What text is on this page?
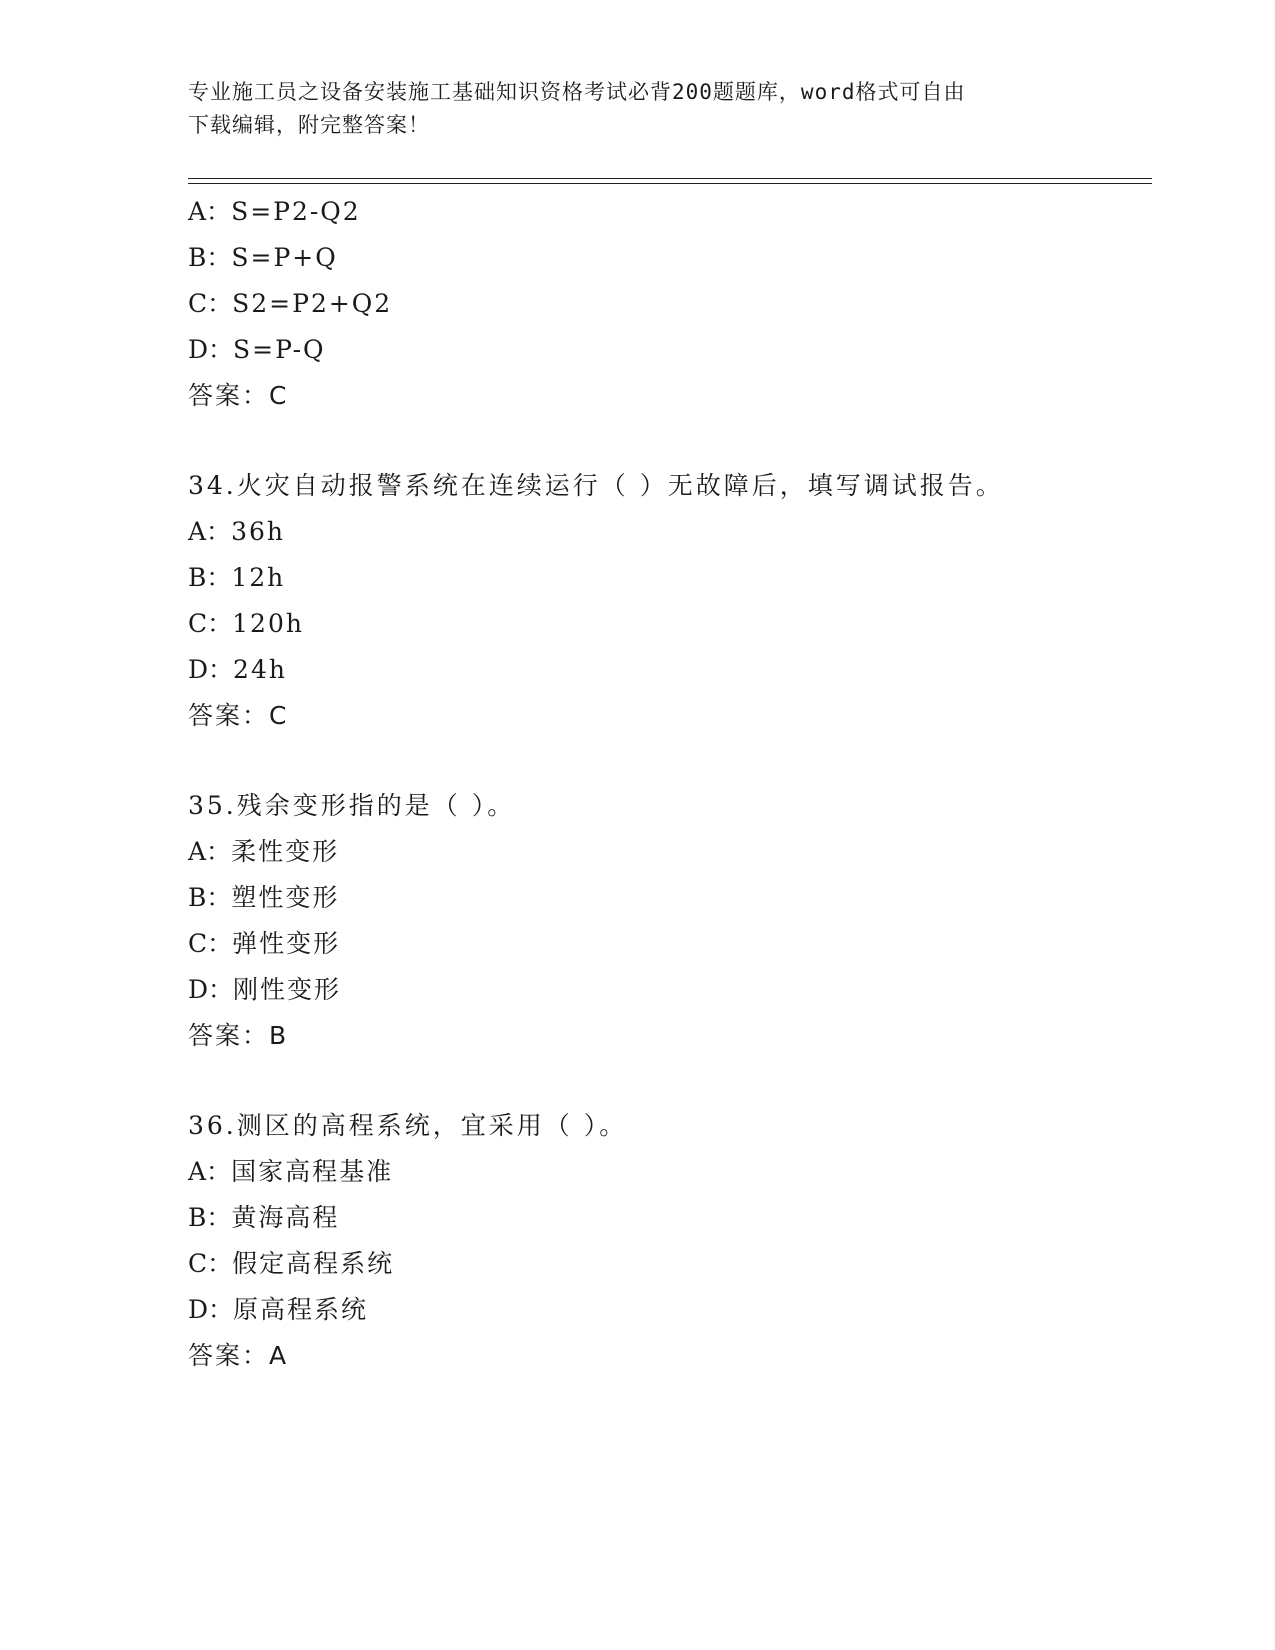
专业施工员之设备安装施工基础知识资格考试必背200题题库，word格式可自由
下载编辑，附完整答案！
A：S=P2-Q2
B：S=P+Q
C：S2=P2+Q2
D：S=P-Q
答案：C
34.火灾自动报警系统在连续运行（ ）无故障后，填写调试报告。
A：36h
B：12h
C：120h
D：24h
答案：C
35.残余变形指的是（ ）。
A：柔性变形
B：塑性变形
C：弹性变形
D：刚性变形
答案：B
36.测区的高程系统，宜采用（ ）。
A：国家高程基准
B：黄海高程
C：假定高程系统
D：原高程系统
答案：A
